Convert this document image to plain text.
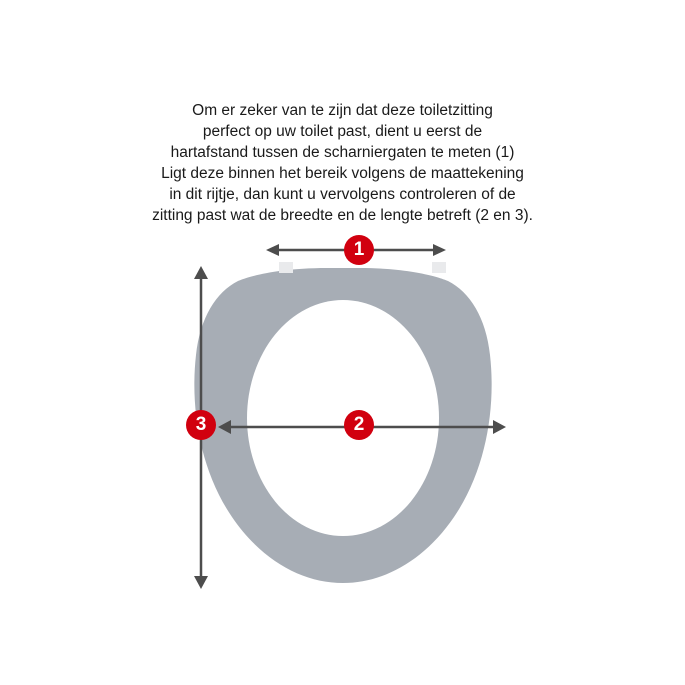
Om er zeker van te zijn dat deze toiletzitting

perfect op uw toilet past, dient u eerst de

hartafstand tussen de scharniergaten te meten (1)

Ligt deze binnen het bereik volgens de maattekening

in dit rijtje, dan kunt u vervolgens controleren of de

zitting past wat de breedte en de lengte betreft (2 en 3).

1
2
3
